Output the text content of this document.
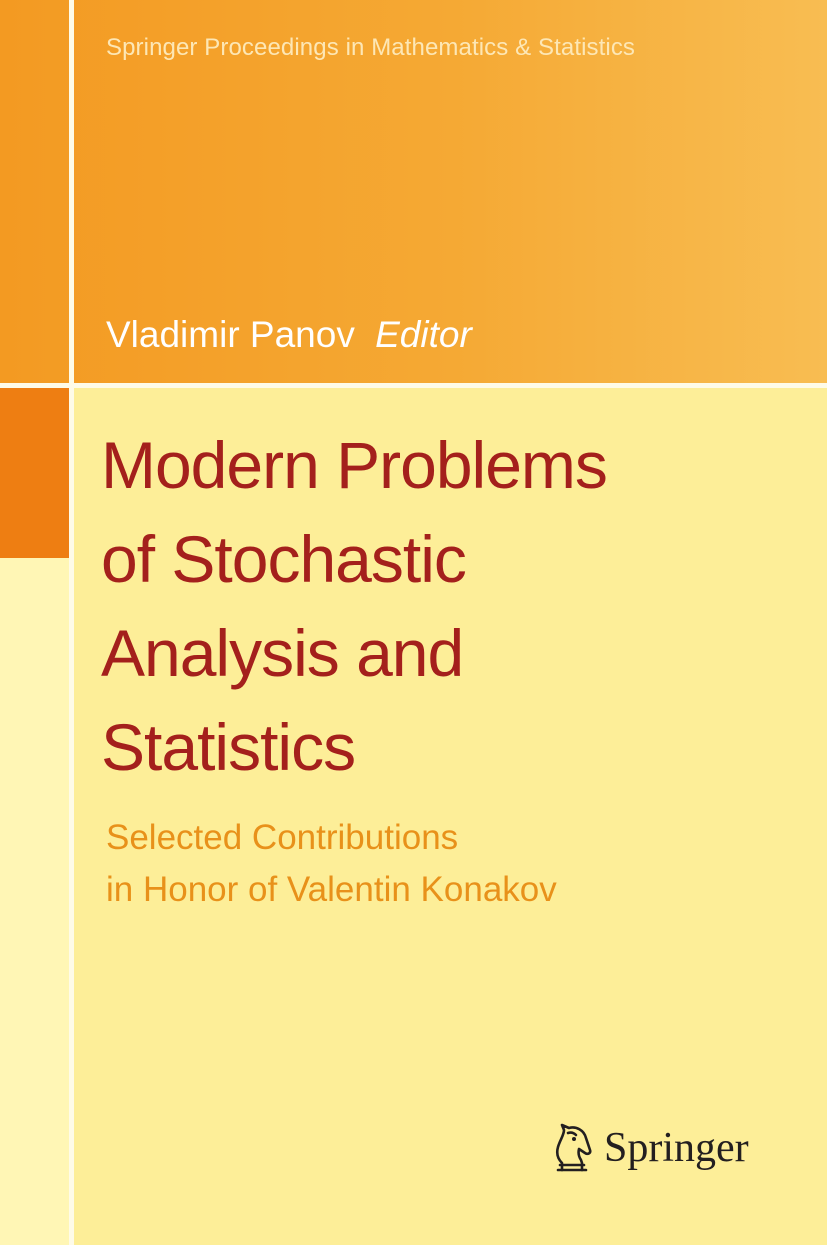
Springer Proceedings in Mathematics & Statistics
Vladimir Panov Editor
Modern Problems
of Stochastic
Analysis and
Statistics
Selected Contributions
in Honor of Valentin Konakov
Springer
